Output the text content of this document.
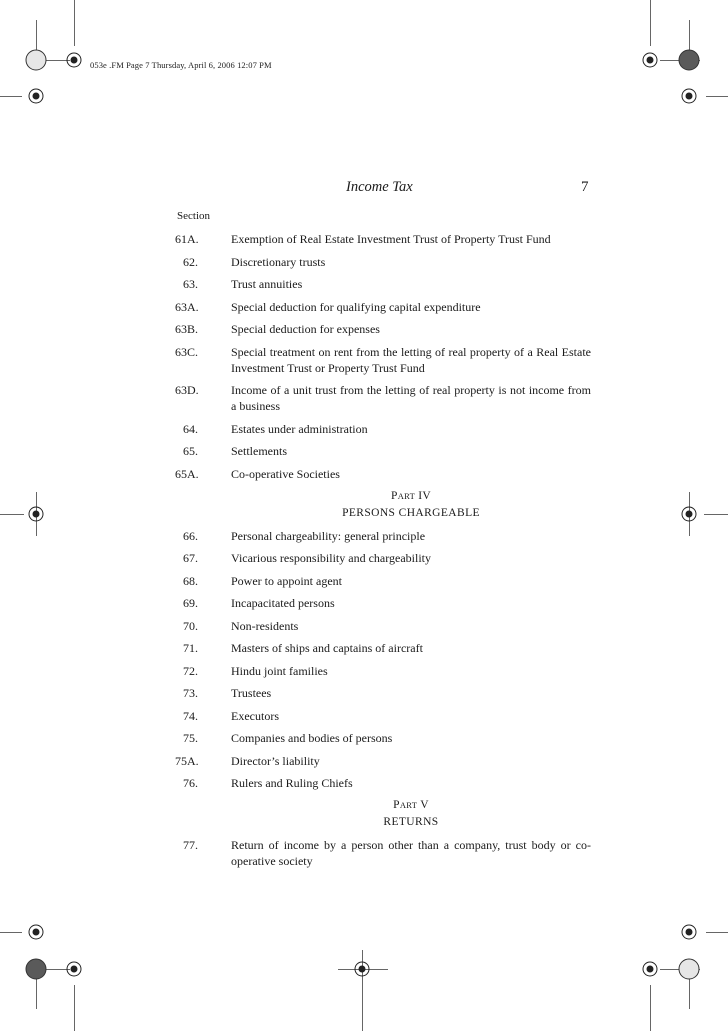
053e .FM Page 7 Thursday, April 6, 2006 12:07 PM
Income Tax	7
Section
61A.	Exemption of Real Estate Investment Trust of Property Trust Fund
62.	Discretionary trusts
63.	Trust annuities
63A.	Special deduction for qualifying capital expenditure
63B.	Special deduction for expenses
63C.	Special treatment on rent from the letting of real property of a Real Estate Investment Trust or Property Trust Fund
63D.	Income of a unit trust from the letting of real property is not income from a business
64.	Estates under administration
65.	Settlements
65A.	Co-operative Societies
PART IV
PERSONS CHARGEABLE
66.	Personal chargeability: general principle
67.	Vicarious responsibility and chargeability
68.	Power to appoint agent
69.	Incapacitated persons
70.	Non-residents
71.	Masters of ships and captains of aircraft
72.	Hindu joint families
73.	Trustees
74.	Executors
75.	Companies and bodies of persons
75A.	Director’s liability
76.	Rulers and Ruling Chiefs
PART V
RETURNS
77.	Return of income by a person other than a company, trust body or co-operative society
